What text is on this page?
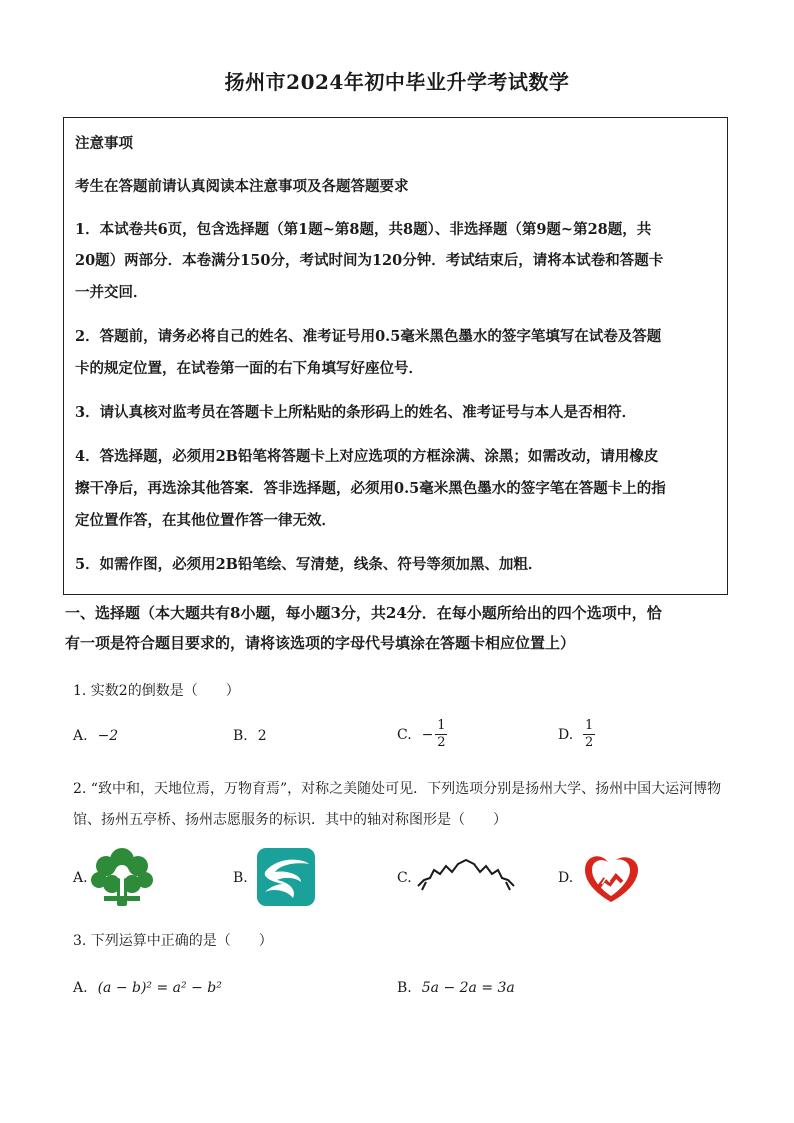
扬州市2024年初中毕业升学考试数学
注意事项
考生在答题前请认真阅读本注意事项及各题答题要求
1．本试卷共6页，包含选择题（第1题~第8题，共8题）、非选择题（第9题~第28题，共
20题）两部分．本卷满分150分，考试时间为120分钟．考试结束后，请将本试卷和答题卡
一并交回．
2．答题前，请务必将自己的姓名、准考证号用0.5毫米黑色墨水的签字笔填写在试卷及答题
卡的规定位置，在试卷第一面的右下角填写好座位号．
3．请认真核对监考员在答题卡上所粘贴的条形码上的姓名、准考证号与本人是否相符．
4．答选择题，必须用2B铅笔将答题卡上对应选项的方框涂满、涂黑；如需改动，请用橡皮
擦干净后，再选涂其他答案．答非选择题，必须用0.5毫米黑色墨水的签字笔在答题卡上的指
定位置作答，在其他位置作答一律无效．
5．如需作图，必须用2B铅笔绘、写清楚，线条、符号等须加黑、加粗．
一、选择题（本大题共有8小题，每小题3分，共24分．在每小题所给出的四个选项中，恰
有一项是符合题目要求的，请将该选项的字母代号填涂在答题卡相应位置上）
1. 实数2的倒数是（　　）
A. −2	B. 2	C. − $\frac{1}{2}$	D. $\frac{1}{2}$
2. “致中和，天地位焉，万物育焉”，对称之美随处可见．下列选项分别是扬州大学、扬州中国大运河博物
馆、扬州五亭桥、扬州志愿服务的标识．其中的轴对称图形是（　　）
A.	B.	C.	D.
3. 下列运算中正确的是（　　）
A. (a − b)² = a² − b²	B. 5a − 2a = 3a
